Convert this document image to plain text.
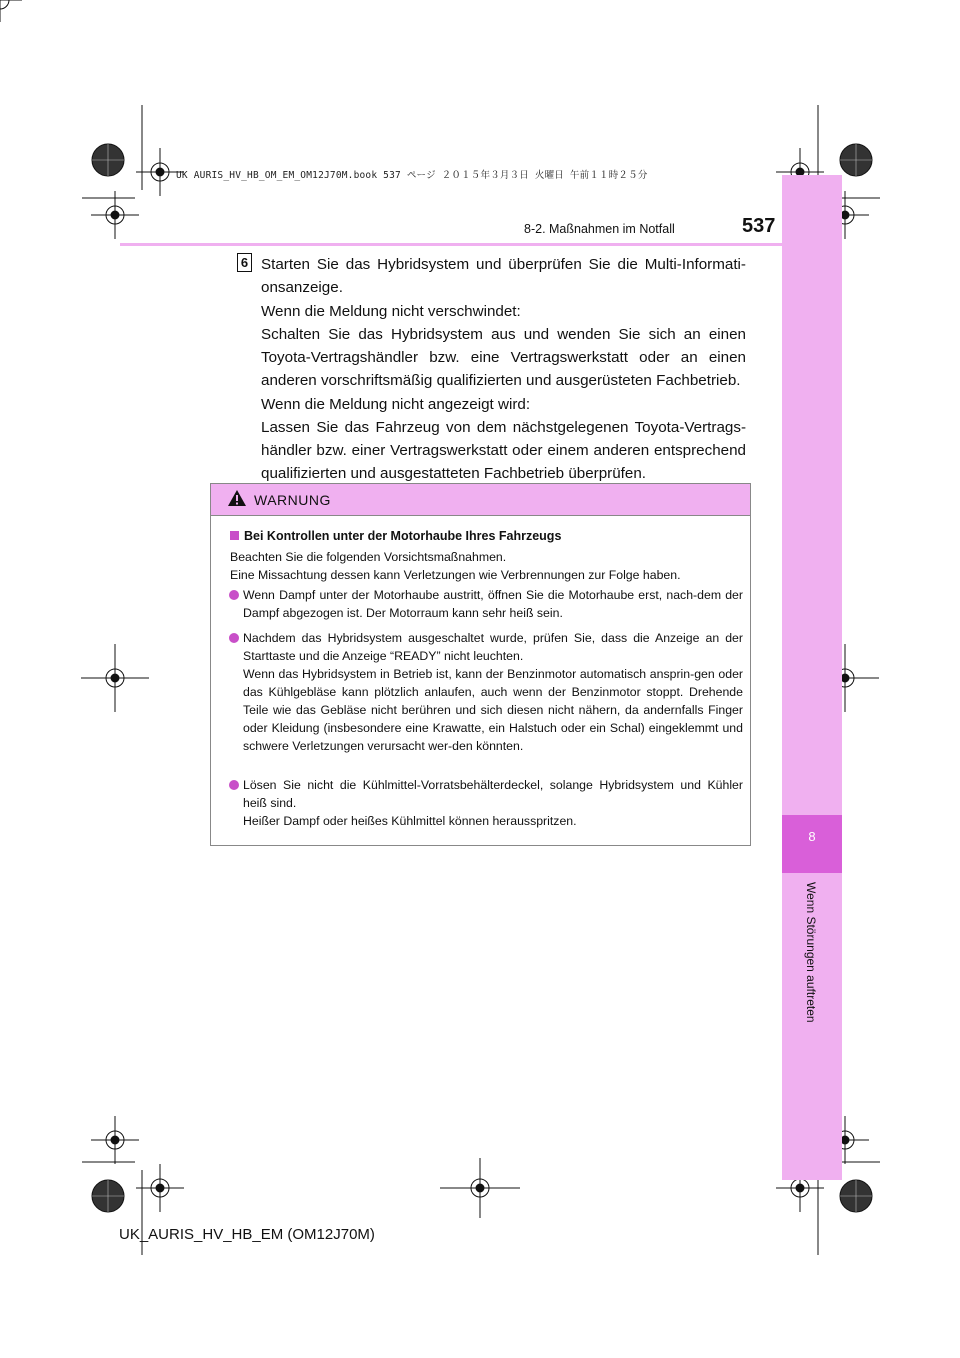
8
Wenn Störungen auftreten
UK AURIS_HV_HB_OM_EM_OM12J70M.book 537 ページ ２０１５年３月３日 火曜日 午前１１時２５分
8-2. Maßnahmen im Notfall	537
6 Starten Sie das Hybridsystem und überprüfen Sie die Multi-Informati-onsanzeige.

Wenn die Meldung nicht verschwindet:

Schalten Sie das Hybridsystem aus und wenden Sie sich an einen Toyota-Vertragshändler bzw. eine Vertragswerkstatt oder an einen anderen vorschriftsmäßig qualifizierten und ausgerüsteten Fachbetrieb.

Wenn die Meldung nicht angezeigt wird:

Lassen Sie das Fahrzeug von dem nächstgelegenen Toyota-Vertrags-händler bzw. einer Vertragswerkstatt oder einem anderen entsprechend qualifizierten und ausgestatteten Fachbetrieb überprüfen.

WARNUNG
Bei Kontrollen unter der Motorhaube Ihres Fahrzeugs

Beachten Sie die folgenden Vorsichtsmaßnahmen.

Eine Missachtung dessen kann Verletzungen wie Verbrennungen zur Folge haben.

Wenn Dampf unter der Motorhaube austritt, öffnen Sie die Motorhaube erst, nach-dem der Dampf abgezogen ist. Der Motorraum kann sehr heiß sein.

Nachdem das Hybridsystem ausgeschaltet wurde, prüfen Sie, dass die Anzeige an der Starttaste und die Anzeige “READY” nicht leuchten.

Wenn das Hybridsystem in Betrieb ist, kann der Benzinmotor automatisch ansprin-gen oder das Kühlgebläse kann plötzlich anlaufen, auch wenn der Benzinmotor stoppt. Drehende Teile wie das Gebläse nicht berühren und sich diesen nicht nähern, da andernfalls Finger oder Kleidung (insbesondere eine Krawatte, ein Halstuch oder ein Schal) eingeklemmt und schwere Verletzungen verursacht wer-den könnten.

Lösen Sie nicht die Kühlmittel-Vorratsbehälterdeckel, solange Hybridsystem und Kühler heiß sind.

Heißer Dampf oder heißes Kühlmittel können herausspritzen.

UK_AURIS_HV_HB_EM (OM12J70M)
